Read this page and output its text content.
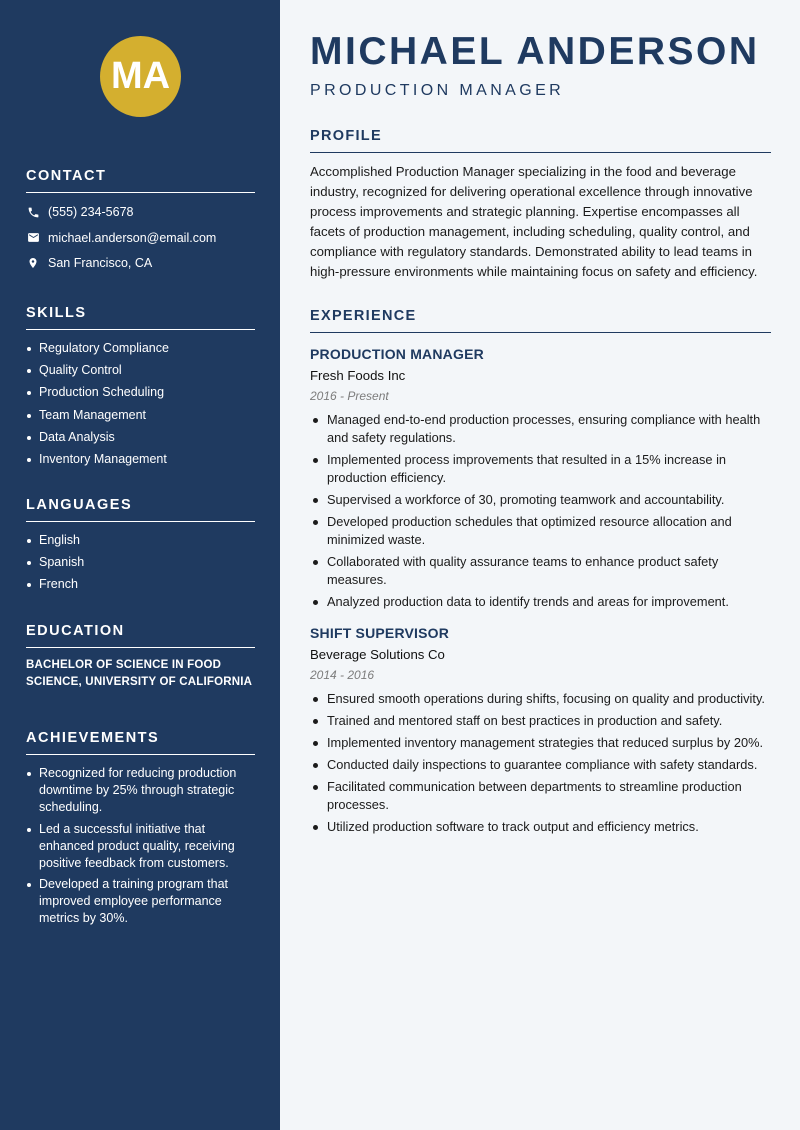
MA
CONTACT
(555) 234-5678
michael.anderson@email.com
San Francisco, CA
SKILLS
Regulatory Compliance
Quality Control
Production Scheduling
Team Management
Data Analysis
Inventory Management
LANGUAGES
English
Spanish
French
EDUCATION
BACHELOR OF SCIENCE IN FOOD SCIENCE, UNIVERSITY OF CALIFORNIA
ACHIEVEMENTS
Recognized for reducing production downtime by 25% through strategic scheduling.
Led a successful initiative that enhanced product quality, receiving positive feedback from customers.
Developed a training program that improved employee performance metrics by 30%.
MICHAEL ANDERSON
PRODUCTION MANAGER
PROFILE

Accomplished Production Manager specializing in the food and beverage industry, recognized for delivering operational excellence through innovative process improvements and strategic planning. Expertise encompasses all facets of production management, including scheduling, quality control, and compliance with regulatory standards. Demonstrated ability to lead teams in high-pressure environments while maintaining focus on safety and efficiency.

EXPERIENCE
PRODUCTION MANAGER
Fresh Foods Inc
2016 - Present
Managed end-to-end production processes, ensuring compliance with health and safety regulations.
Implemented process improvements that resulted in a 15% increase in production efficiency.
Supervised a workforce of 30, promoting teamwork and accountability.
Developed production schedules that optimized resource allocation and minimized waste.
Collaborated with quality assurance teams to enhance product safety measures.
Analyzed production data to identify trends and areas for improvement.
SHIFT SUPERVISOR
Beverage Solutions Co
2014 - 2016
Ensured smooth operations during shifts, focusing on quality and productivity.
Trained and mentored staff on best practices in production and safety.
Implemented inventory management strategies that reduced surplus by 20%.
Conducted daily inspections to guarantee compliance with safety standards.
Facilitated communication between departments to streamline production processes.
Utilized production software to track output and efficiency metrics.
